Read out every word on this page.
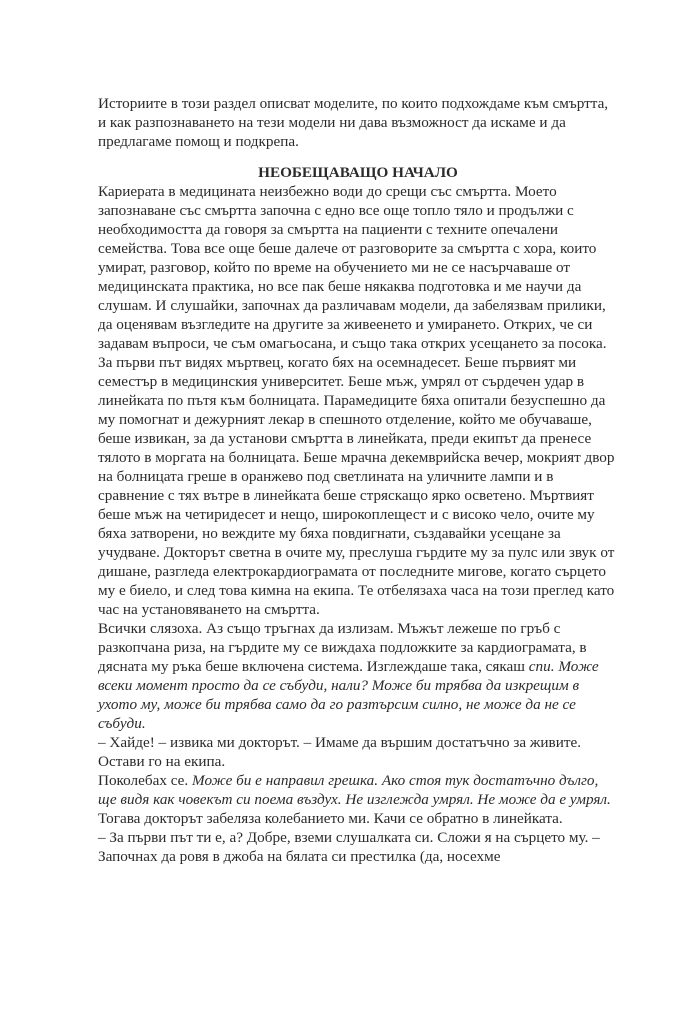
Историите в този раздел описват моделите, по които подхождаме към смъртта, и как разпознаването на тези модели ни дава възможност да искаме и да предлагаме помощ и подкрепа.

НЕОБЕЩАВАЩО НАЧАЛО

Кариерата в медицината неизбежно води до срещи със смъртта. Моето запознаване със смъртта започна с едно все още топло тяло и продължи с необходимостта да говоря за смъртта на пациенти с техните опечалени семейства. Това все още беше далече от разговорите за смъртта с хора, които умират, разговор, който по време на обучението ми не се насърчаваше от медицинската практика, но все пак беше някаква подготовка и ме научи да слушам. И слушайки, започнах да различавам модели, да забелязвам прилики, да оценявам възгледите на другите за живеенето и умирането. Открих, че си задавам въпроси, че съм омагьосана, и също така открих усещането за посока.

За първи път видях мъртвец, когато бях на осемнадесет. Беше първият ми семестър в медицинския университет. Беше мъж, умрял от сърдечен удар в линейката по пътя към болницата. Парамедиците бяха опитали безуспешно да му помогнат и дежурният лекар в спешното отделение, който ме обучаваше, беше извикан, за да установи смъртта в линейката, преди екипът да пренесе тялото в моргата на болницата. Беше мрачна декемврийска вечер, мокрият двор на болницата греше в оранжево под светлината на уличните лампи и в сравнение с тях вътре в линейката беше стряскащо ярко осветено. Мъртвият беше мъж на четиридесет и нещо, широкоплещест и с високо чело, очите му бяха затворени, но веждите му бяха повдигнати, създавайки усещане за учудване. Докторът светна в очите му, преслуша гърдите му за пулс или звук от дишане, разгледа електрокардиограмата от последните мигове, когато сърцето му е биело, и след това кимна на екипа. Те отбелязаха часа на този преглед като час на установяването на смъртта.

Всички слязоха. Аз също тръгнах да излизам. Мъжът лежеше по гръб с разкопчана риза, на гърдите му се виждаха подложките за кардиограмата, в дясната му ръка беше включена система. Изглеждаше така, сякаш спи. Може всеки момент просто да се събуди, нали? Може би трябва да изкрещим в ухото му, може би трябва само да го разтърсим силно, не може да не се събуди.

– Хайде! – извика ми докторът. – Имаме да вършим достатъчно за живите. Остави го на екипа.

Поколебах се. Може би е направил грешка. Ако стоя тук достатъчно дълго, ще видя как човекът си поема въздух. Не изглежда умрял. Не може да е умрял.

Тогава докторът забеляза колебанието ми. Качи се обратно в линейката.

– За първи път ти е, а? Добре, вземи слушалката си. Сложи я на сърцето му. – Започнах да ровя в джоба на бялата си престилка (да, носехме
